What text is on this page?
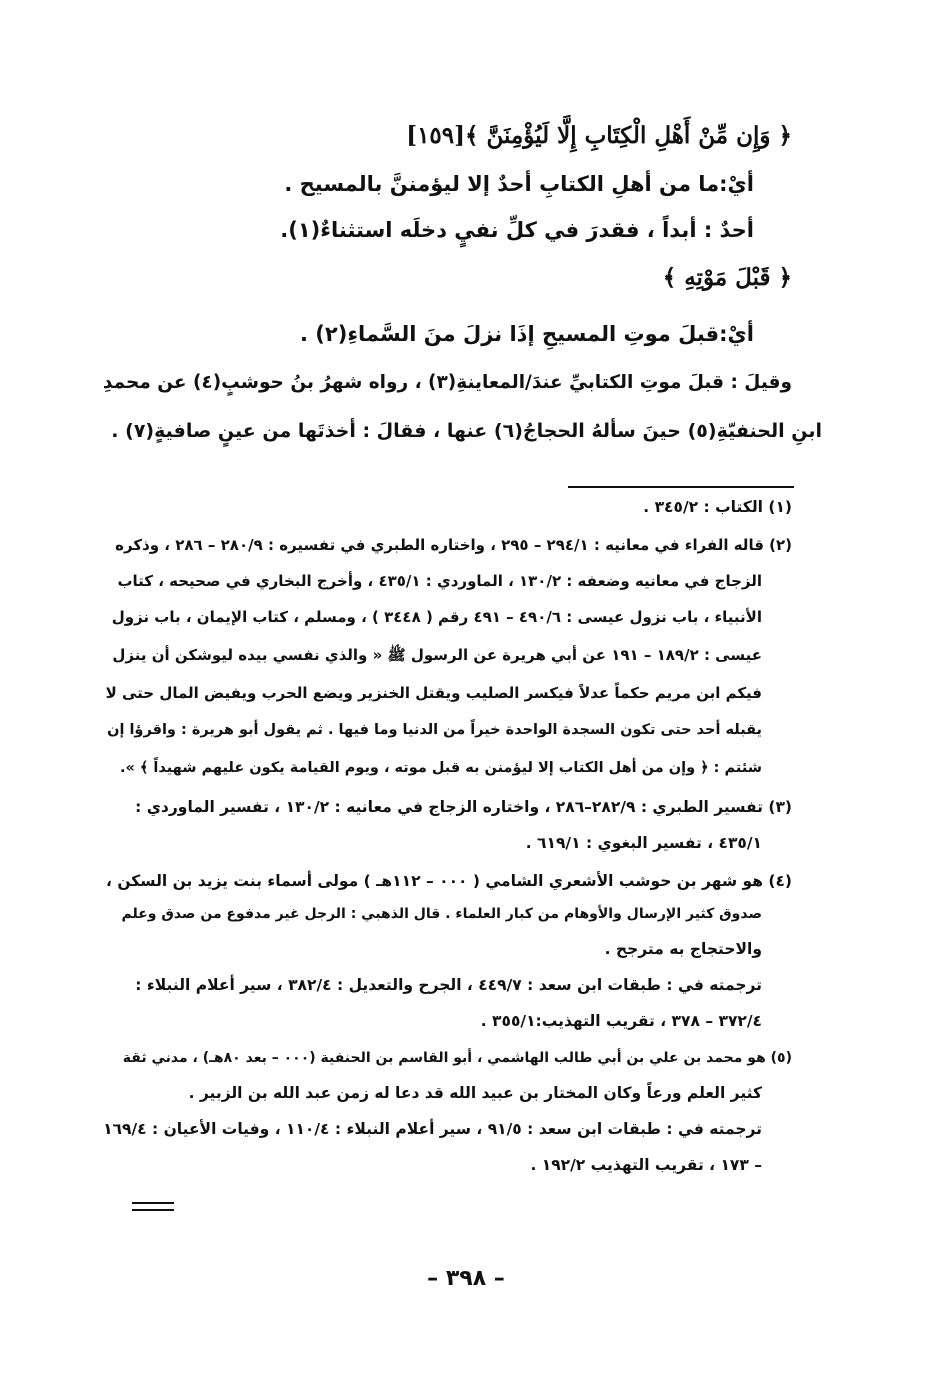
﴿ وَإِن مِّنْ أَهْلِ الْكِتَابِ إِلَّا لَيُؤْمِنَنَّ ﴾[١٥٩]
أيْ:ما من أهلِ الكتابِ أحدٌ إلا ليؤمننَّ بالمسيح .
أحدٌ : أبداً ، فقدرَ في كلِّ نفيٍ دخلَه استثناءٌ(١).
﴿ قَبْلَ مَوْتِهِ ﴾
أيْ:قبلَ موتِ المسيحِ إذَا نزلَ منَ السَّماءِ(٢) .
وقيلَ : قبلَ موتِ الكتابيِّ عندَ/المعاينةِ(٣) ، رواه شهرُ بنُ حوشبٍ(٤) عن محمدِ
ابنِ الحنفيّةِ(٥) حينَ سألهُ الحجاجُ(٦) عنها ، فقالَ : أخذتَها من عينٍ صافيةٍ(٧) .
(١) الكتاب : ٣٤٥/٢ .
(٢) قاله الفراء في معانيه : ٢٩٤/١ – ٢٩٥ ، واختاره الطبري في تفسيره : ٢٨٠/٩ – ٢٨٦ ، وذكره
الزجاج في معانيه وضعفه : ١٣٠/٢ ، الماوردي : ٤٣٥/١ ، وأخرج البخاري في صحيحه ، كتاب
الأنبياء ، باب نزول عيسى : ٤٩٠/٦ – ٤٩١ رقم ( ٣٤٤٨ ) ، ومسلم ، كتاب الإيمان ، باب نزول
عيسى : ١٨٩/٢ – ١٩١ عن أبي هريرة عن الرسول ﷺ « والذي نفسي بيده ليوشكن أن ينزل
فيكم ابن مريم حكماً عدلاً فيكسر الصليب ويقتل الخنزير ويضع الحرب ويفيض المال حتى لا
يقبله أحد حتى تكون السجدة الواحدة خيراً من الدنيا وما فيها . ثم يقول أبو هريرة : واقرؤا إن
شئتم : ﴿ وإن من أهل الكتاب إلا ليؤمنن به قبل موته ، ويوم القيامة يكون عليهم شهيداً ﴾ ».
(٣) تفسير الطبري : ٢٨٢/٩–٢٨٦ ، واختاره الزجاج في معانيه : ١٣٠/٢ ، تفسير الماوردي :
٤٣٥/١ ، تفسير البغوي : ٦١٩/١ .
(٤) هو شهر بن حوشب الأشعري الشامي ( ٠٠٠ – ١١٢هـ ) مولى أسماء بنت يزيد بن السكن ،
صدوق كثير الإرسال والأوهام من كبار العلماء . قال الذهبي : الرجل غير مدفوع من صدق وعلم
والاحتجاج به مترجح .
ترجمته في : طبقات ابن سعد : ٤٤٩/٧ ، الجرح والتعديل : ٣٨٢/٤ ، سير أعلام النبلاء :
٣٧٢/٤ – ٣٧٨ ، تقريب التهذيب:٣٥٥/١ .
(٥) هو محمد بن علي بن أبي طالب الهاشمي ، أبو القاسم بن الحنفية (٠٠٠ – بعد ٨٠هـ) ، مدني ثقة
كثير العلم ورعاً وكان المختار بن عبيد الله قد دعا له زمن عبد الله بن الزبير .
ترجمته في : طبقات ابن سعد : ٩١/٥ ، سير أعلام النبلاء : ١١٠/٤ ، وفيات الأعيان : ١٦٩/٤
– ١٧٣ ، تقريب التهذيب ١٩٢/٢ .
– ٣٩٨ –
